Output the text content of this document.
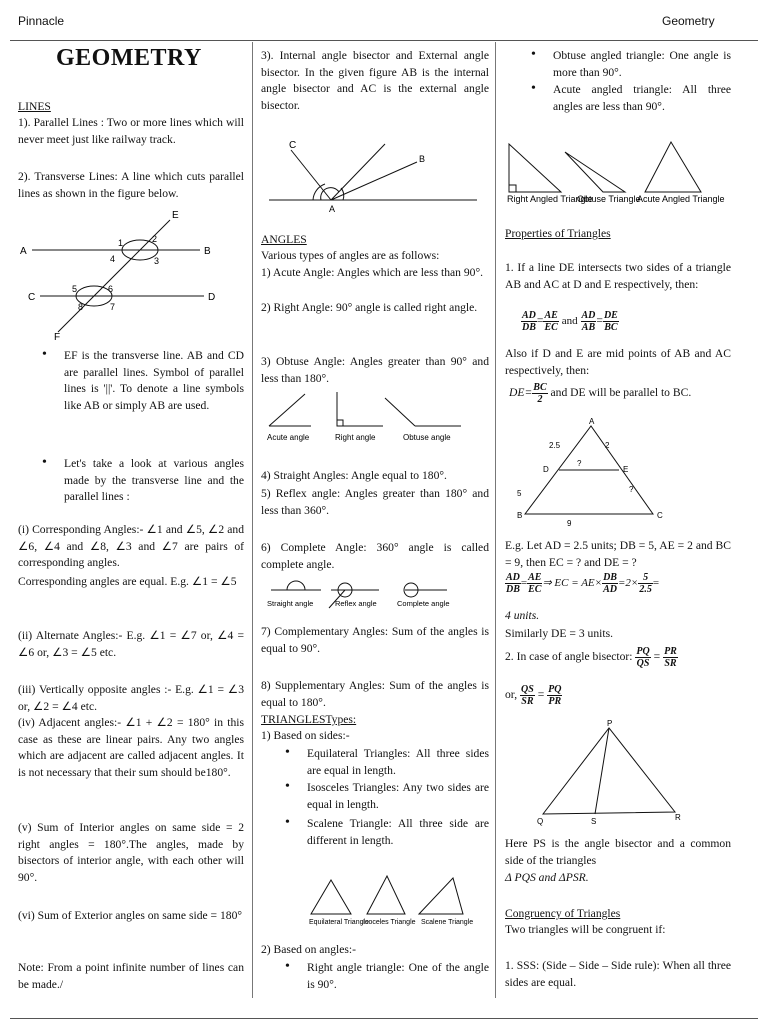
Pinnacle	Geometry
GEOMETRY
LINES

1). Parallel Lines : Two or more lines which will never meet just like railway track.

2). Transverse Lines: A line which cuts parallel lines as shown in the figure below.

E
A	B
C	D
F
1	2
3
4
5	6
7
8

• EF is the transverse line. AB and CD are parallel lines. Symbol of parallel lines is '||'. To denote a line symbols like AB or simply AB are used.

• Let's take a look at various angles made by the transverse line and the parallel lines :

(i) Corresponding Angles:- ∠1 and ∠5, ∠2 and ∠6, ∠4 and ∠8, ∠3 and ∠7 are pairs of corresponding angles.

Corresponding angles are equal. E.g. ∠1 = ∠5

(ii) Alternate Angles:- E.g. ∠1 = ∠7 or, ∠4 = ∠6 or, ∠3 = ∠5 etc.

(iii) Vertically opposite angles :- E.g. ∠1 = ∠3 or, ∠2 = ∠4 etc.

(iv) Adjacent angles:- ∠1 + ∠2 = 180° in this case as these are linear pairs. Any two angles which are adjacent are called adjacent angles. It is not necessary that their sum should be180°.

(v) Sum of Interior angles on same side = 2 right angles = 180°.The angles, made by bisectors of interior angle, with each other will 90°.

(vi) Sum of Exterior angles on same side = 180°

Note: From a point infinite number of lines can be made./

3). Internal angle bisector and External angle bisector. In the given figure AB is the internal angle bisector and AC is the external angle bisector.

C
B
A
ANGLES

Various types of angles are as follows:

1) Acute Angle: Angles which are less than 90°.

2) Right Angle: 90° angle is called right angle.

3) Obtuse Angle: Angles greater than 90° and less than 180°.

Acute angle	Right angle	Obtuse angle

4) Straight Angles: Angle equal to 180°.

5) Reflex angle: Angles greater than 180° and less than 360°.

6) Complete Angle: 360° angle is called complete angle.

Straight angle	Reflex angle	Complete angle

7) Complementary Angles: Sum of the angles is equal to 90°.

8) Supplementary Angles: Sum of the angles is equal to 180°.

TRIANGLESTypes:

1) Based on sides:-

• Equilateral Triangles: All three sides are equal in length.

• Isosceles Triangles: Any two sides are equal in length.

• Scalene Triangle: All three side are different in length.

Equilateral Triangle
Isoceles Triangle Scalene Triangle

2) Based on angles:-

• Right angle triangle: One of the angle is 90°.

• Obtuse angled triangle: One angle is more than 90°.

• Acute angled triangle: All three angles are less than 90°.

Right Angled Triangle
Obtuse Triangle
Acute Angled Triangle
Properties of Triangles

1. If a line DE intersects two sides of a triangle AB and AC at D and E respectively, then:

$\frac{AD}{DB} = \frac{AE}{EC}$ and $\frac{AD}{AB} = \frac{DE}{BC}$

Also if D and E are mid points of AB and AC respectively, then:

$DE= \frac{BC}{2}$ and DE will be parallel to BC.
A
2.5	2
D	E
?
?
5
B
9
C

E.g. Let AD = 2.5 units; DB = 5, AE = 2 and BC = 9, then EC = ? and DE = ?

$\frac{AD}{DB} = \frac{AE}{EC}$ ⇒ EC = $AE\times \frac{DB}{AD} =2\times \frac{5}{2.5}$ =

4 units.

Similarly DE = 3 units.

2. In case of angle bisector: $\frac{PQ}{QS} = \frac{PR}{SR}$
or, $\frac{QS}{SR} = \frac{PQ}{PR}$
P
Q	S	R

Here PS is the angle bisector and a common side of the triangles

Δ PQS and ΔPSR.

Congruency of Triangles

Two triangles will be congruent if:

1. SSS: (Side – Side – Side rule): When all three sides are equal.
